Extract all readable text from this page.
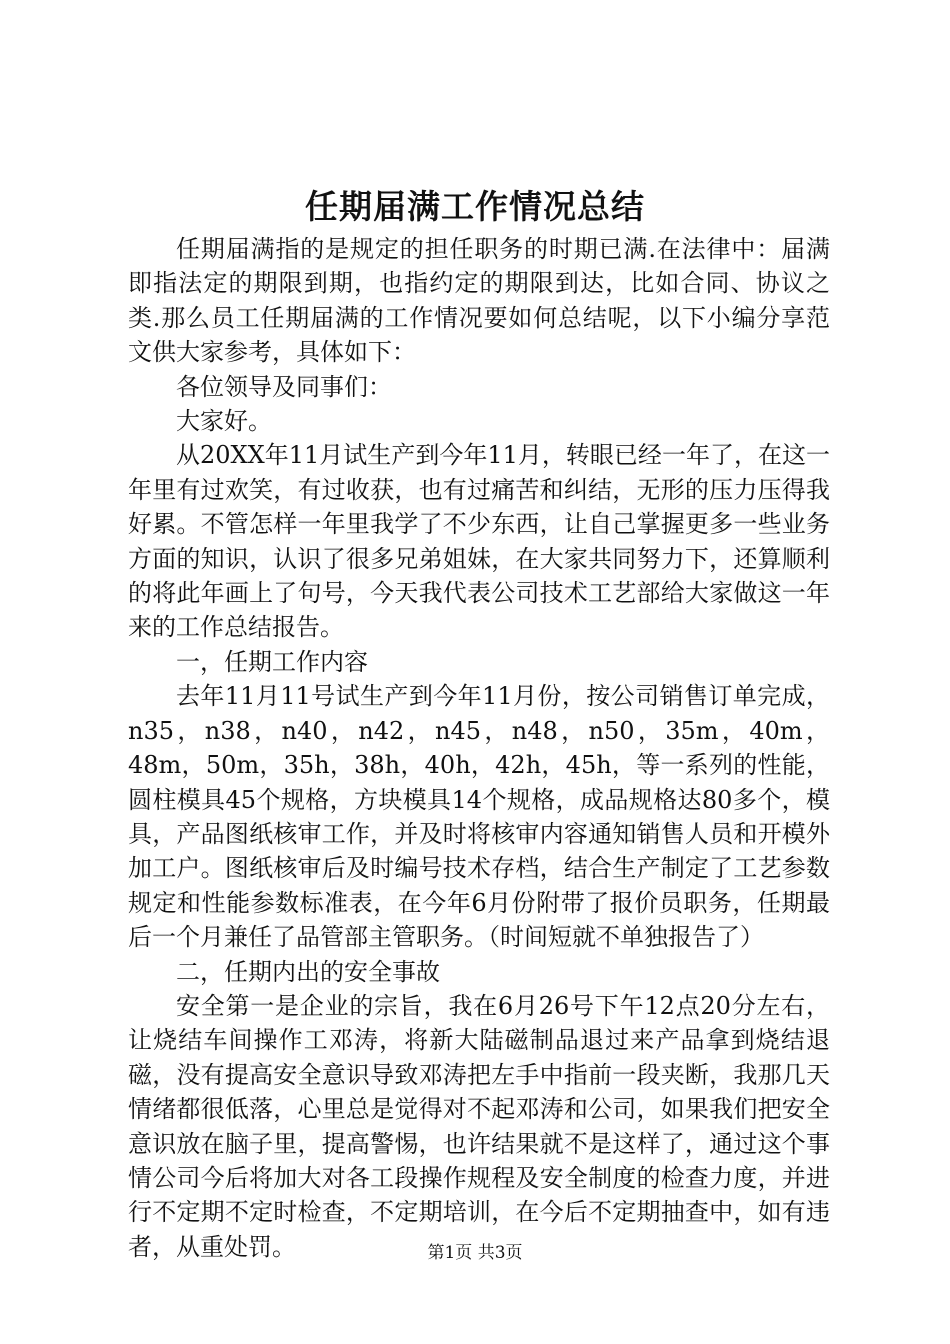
任期届满工作情况总结

任期届满指的是规定的担任职务的时期已满.在法律中：届满即指法定的期限到期，也指约定的期限到达，比如合同、协议之类.那么员工任期届满的工作情况要如何总结呢，以下小编分享范文供大家参考，具体如下：

各位领导及同事们：

大家好。

从20XX年11月试生产到今年11月，转眼已经一年了，在这一年里有过欢笑，有过收获，也有过痛苦和纠结，无形的压力压得我好累。不管怎样一年里我学了不少东西，让自己掌握更多一些业务方面的知识，认识了很多兄弟姐妹，在大家共同努力下，还算顺利的将此年画上了句号，今天我代表公司技术工艺部给大家做这一年来的工作总结报告。

一，任期工作内容

去年11月11号试生产到今年11月份，按公司销售订单完成，n35，n38，n40，n42，n45，n48，n50，35m，40m，48m，50m，35h，38h，40h，42h，45h，等一系列的性能，圆柱模具45个规格，方块模具14个规格，成品规格达80多个，模具，产品图纸核审工作，并及时将核审内容通知销售人员和开模外加工户。图纸核审后及时编号技术存档，结合生产制定了工艺参数规定和性能参数标准表，在今年6月份附带了报价员职务，任期最后一个月兼任了品管部主管职务。（时间短就不单独报告了）

二，任期内出的安全事故

安全第一是企业的宗旨，我在6月26号下午12点20分左右，让烧结车间操作工邓涛，将新大陆磁制品退过来产品拿到烧结退磁，没有提高安全意识导致邓涛把左手中指前一段夹断，我那几天情绪都很低落，心里总是觉得对不起邓涛和公司，如果我们把安全意识放在脑子里，提高警惕，也许结果就不是这样了，通过这个事情公司今后将加大对各工段操作规程及安全制度的检查力度，并进行不定期不定时检查，不定期培训，在今后不定期抽查中，如有违者，从重处罚。	第1页 共3页
